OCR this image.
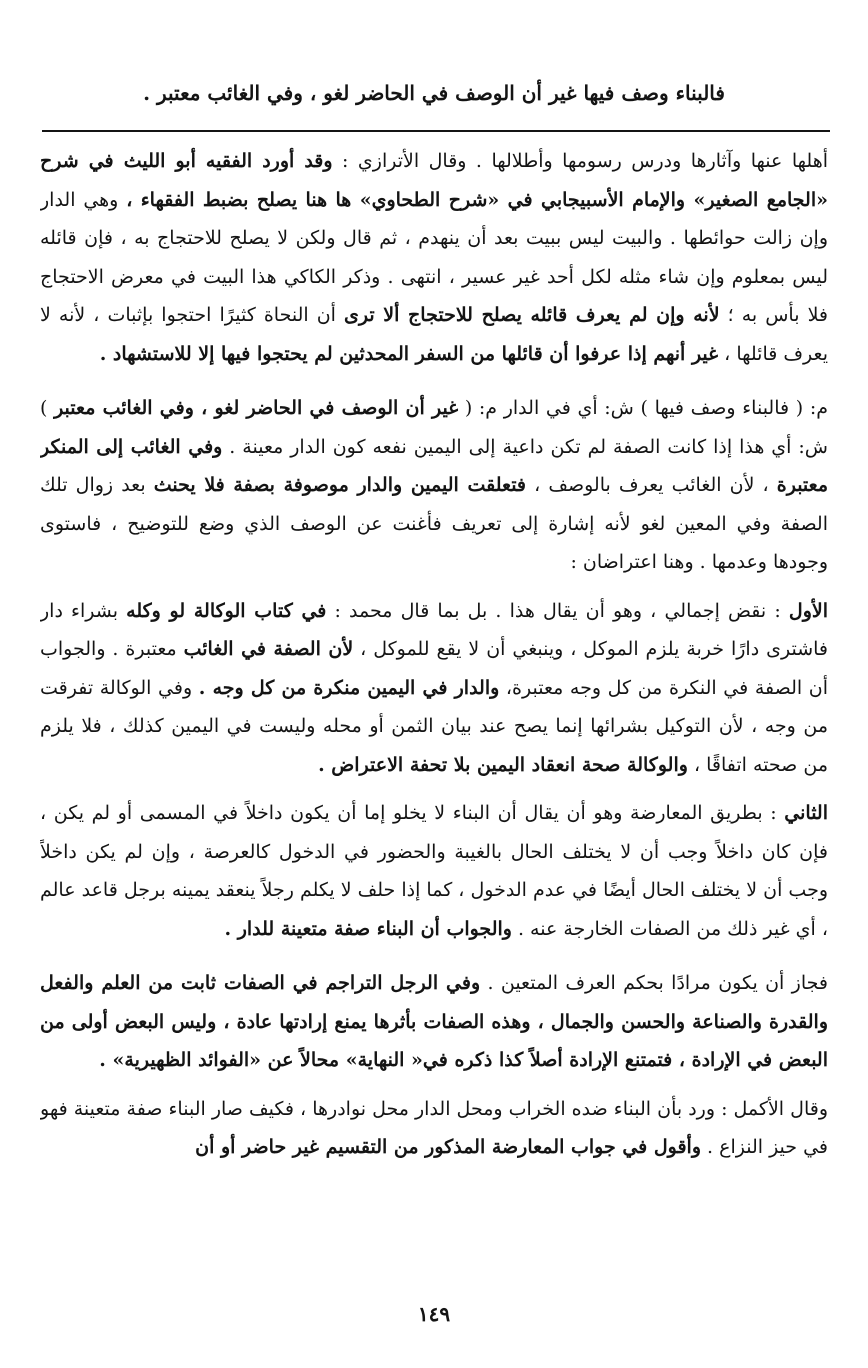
فالبناء وصف فيها غير أن الوصف في الحاضر لغو ، وفي الغائب معتبر .

أهلها عنها وآثارها ودرس رسومها وأطلالها . وقال الأترازي : وقد أورد الفقيه أبو الليث في شرح «الجامع الصغير» والإمام الأسبيجابي في «شرح الطحاوي» ها هنا يصلح بضبط الفقهاء ، وهي الدار وإن زالت حوائطها . والبيت ليس ببيت بعد أن ينهدم ، ثم قال ولكن لا يصلح للاحتجاج به ، فإن قائله ليس بمعلوم وإن شاء مثله لكل أحد غير عسير ، انتهى . وذكر الكاكي هذا البيت في معرض الاحتجاج فلا بأس به ؛ لأنه وإن لم يعرف قائله يصلح للاحتجاج ألا ترى أن النحاة كثيرًا احتجوا بإثبات ، لأنه لا يعرف قائلها ، غير أنهم إذا عرفوا أن قائلها من السفر المحدثين لم يحتجوا فيها إلا للاستشهاد .

م: ( فالبناء وصف فيها ) ش: أي في الدار م: ( غير أن الوصف في الحاضر لغو ، وفي الغائب معتبر ) ش: أي هذا إذا كانت الصفة لم تكن داعية إلى اليمين نفعه كون الدار معينة . وفي الغائب إلى المنكر معتبرة ، لأن الغائب يعرف بالوصف ، فتعلقت اليمين والدار موصوفة بصفة فلا يحنث بعد زوال تلك الصفة وفي المعين لغو لأنه إشارة إلى تعريف فأغنت عن الوصف الذي وضع للتوضيح ، فاستوى وجودها وعدمها . وهنا اعتراضان :

الأول : نقض إجمالي ، وهو أن يقال هذا . بل بما قال محمد : في كتاب الوكالة لو وكله بشراء دار فاشترى دارًا خربة يلزم الموكل ، وينبغي أن لا يقع للموكل ، لأن الصفة في الغائب معتبرة . والجواب أن الصفة في النكرة من كل وجه معتبرة، والدار في اليمين منكرة من كل وجه . وفي الوكالة تفرقت من وجه ، لأن التوكيل بشرائها إنما يصح عند بيان الثمن أو محله وليست في اليمين كذلك ، فلا يلزم من صحته اتفاقًا ، والوكالة صحة انعقاد اليمين بلا تحفة الاعتراض .

الثاني : بطريق المعارضة وهو أن يقال أن البناء لا يخلو إما أن يكون داخلاً في المسمى أو لم يكن ، فإن كان داخلاً وجب أن لا يختلف الحال بالغيبة والحضور في الدخول كالعرصة ، وإن لم يكن داخلاً وجب أن لا يختلف الحال أيضًا في عدم الدخول ، كما إذا حلف لا يكلم رجلاً ينعقد يمينه برجل قاعد عالم ، أي غير ذلك من الصفات الخارجة عنه . والجواب أن البناء صفة متعينة للدار .

فجاز أن يكون مرادًا بحكم العرف المتعين . وفي الرجل التراجم في الصفات ثابت من العلم والفعل والقدرة والصناعة والحسن والجمال ، وهذه الصفات بأثرها يمنع إرادتها عادة ، وليس البعض أولى من البعض في الإرادة ، فتمتنع الإرادة أصلاً كذا ذكره في« النهاية» محالاً عن «الفوائد الظهيرية» .

وقال الأكمل : ورد بأن البناء ضده الخراب ومحل الدار محل نوادرها ، فكيف صار البناء صفة متعينة فهو في حيز النزاع . وأقول في جواب المعارضة المذكور من التقسيم غير حاضر أو أن

١٤٩
